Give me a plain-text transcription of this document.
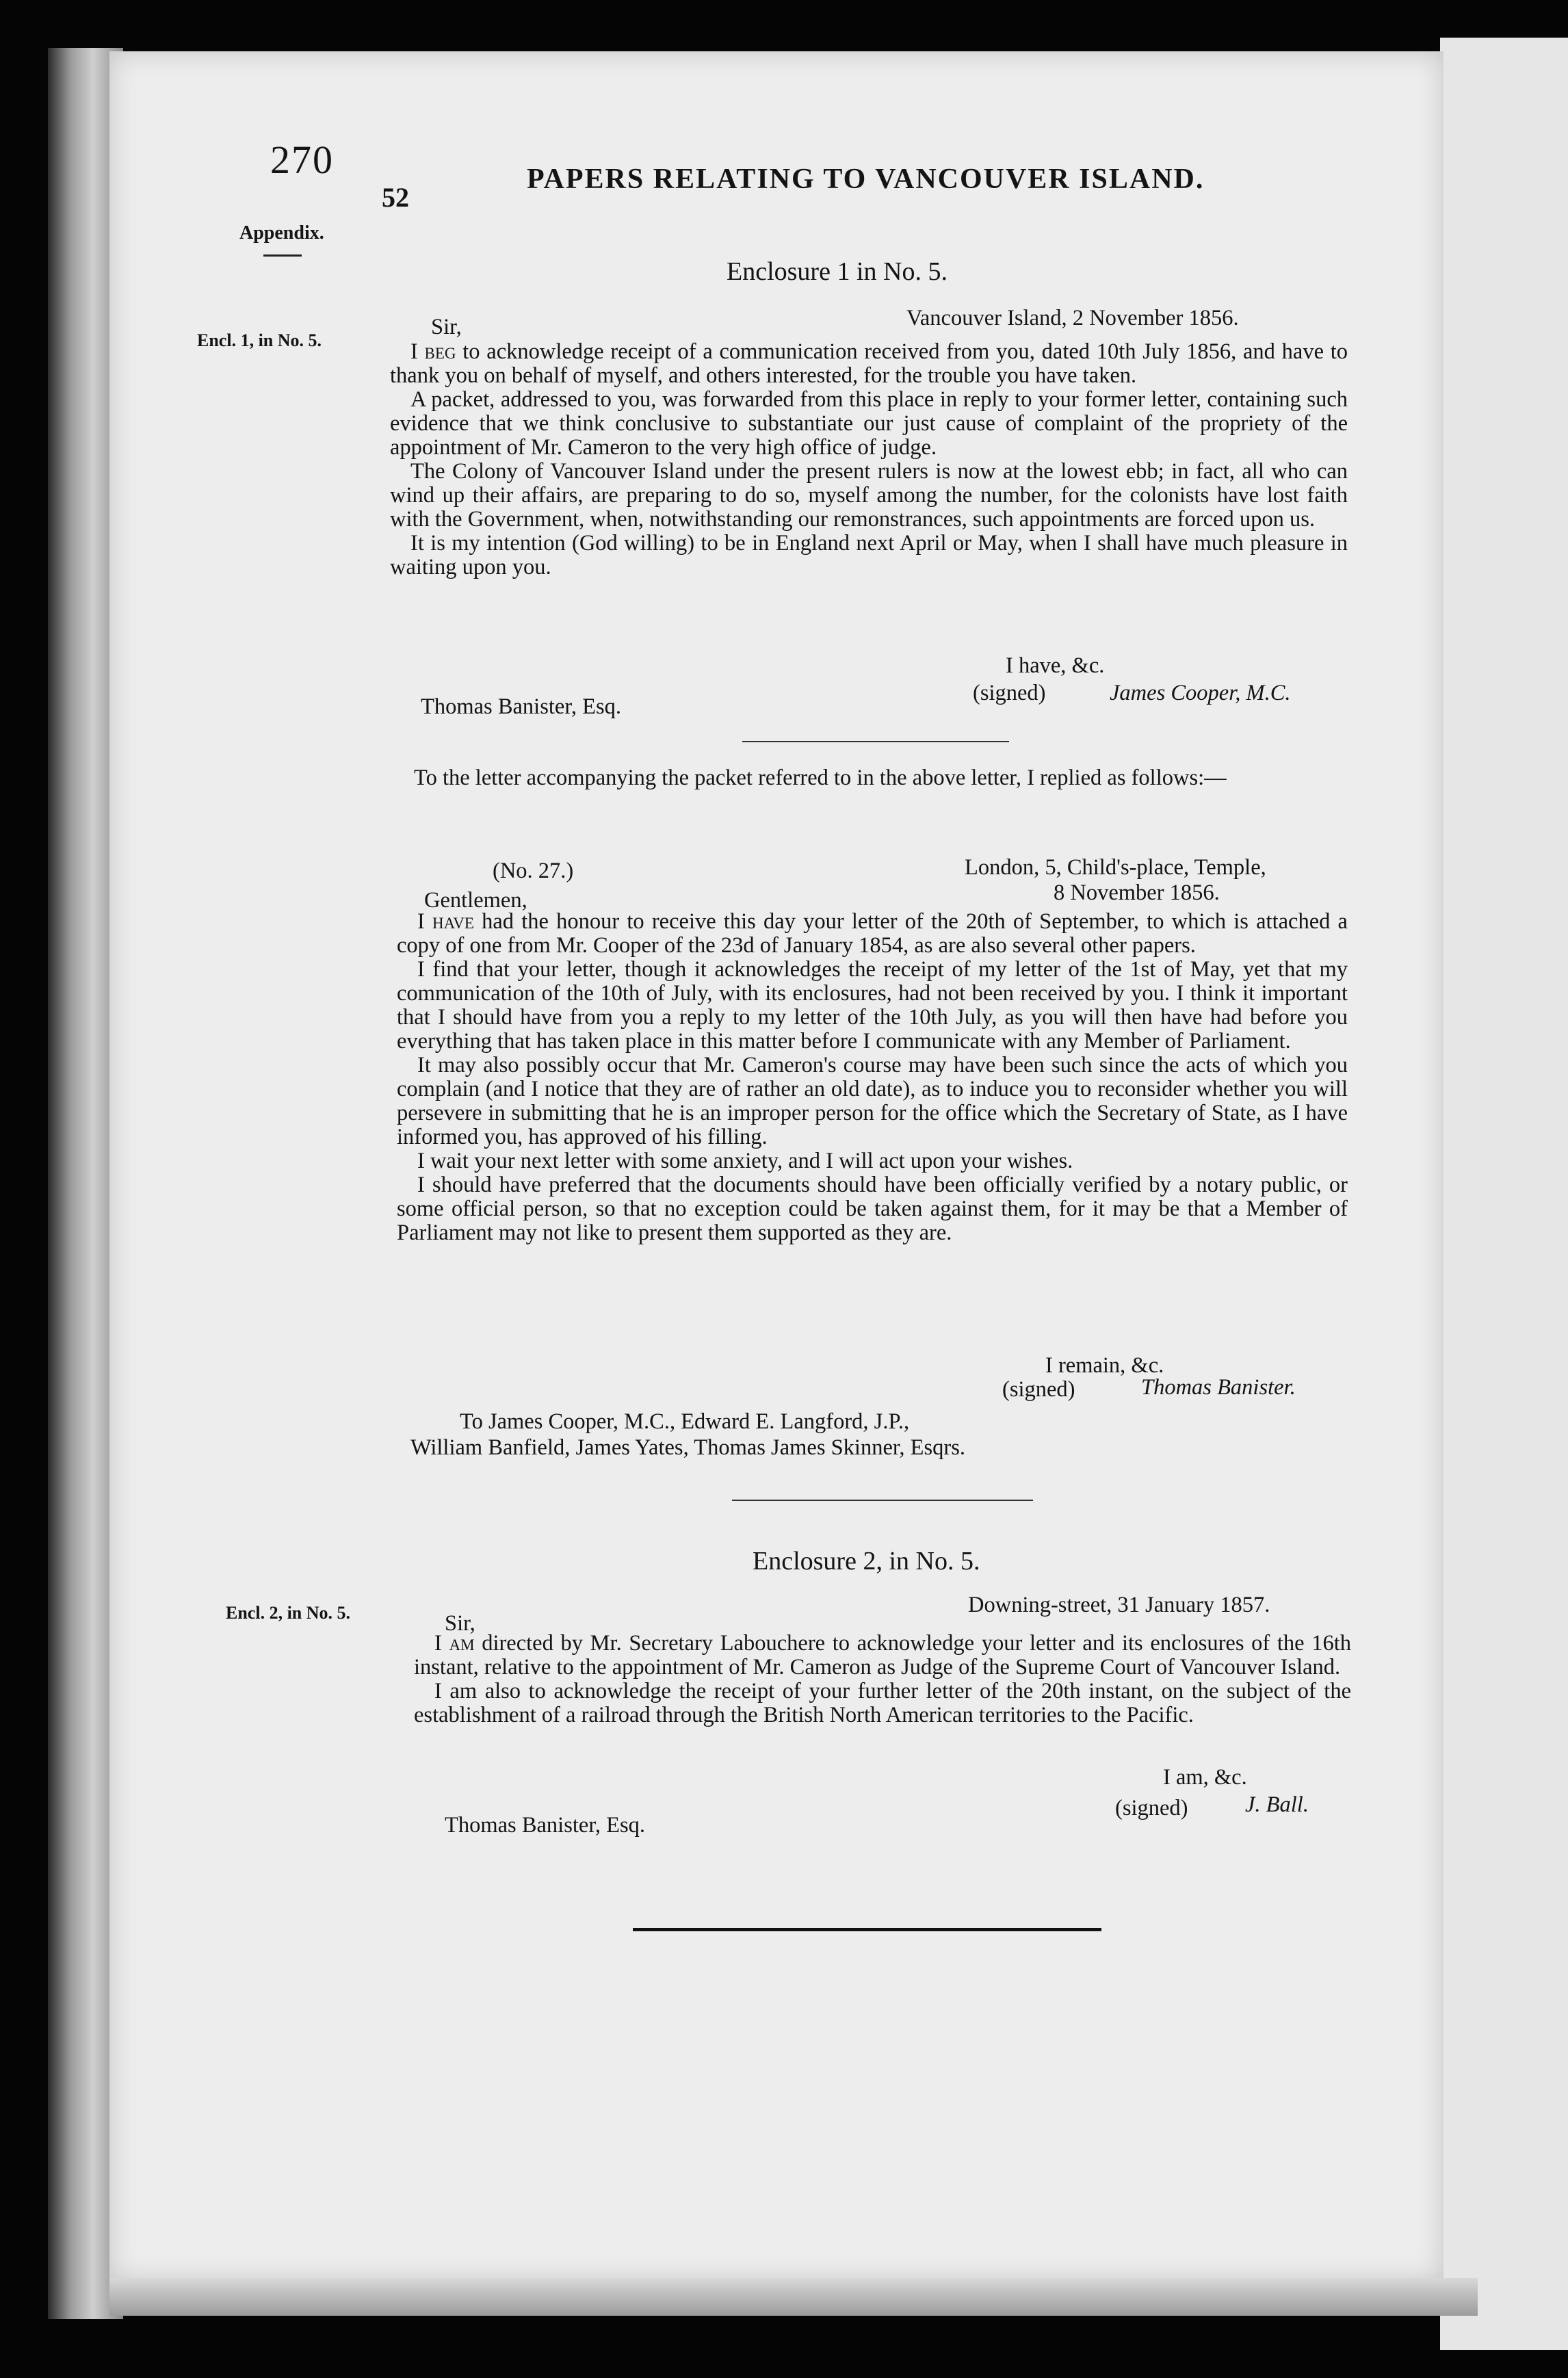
270
52
PAPERS RELATING TO VANCOUVER ISLAND.
Appendix.
Enclosure 1 in No. 5.
Encl. 1, in No. 5.
Sir,	Vancouver Island, 2 November 1856.

I beg to acknowledge receipt of a communication received from you, dated 10th July 1856, and have to thank you on behalf of myself, and others interested, for the trouble you have taken.

A packet, addressed to you, was forwarded from this place in reply to your former letter, containing such evidence that we think conclusive to substantiate our just cause of complaint of the propriety of the appointment of Mr. Cameron to the very high office of judge.

The Colony of Vancouver Island under the present rulers is now at the lowest ebb; in fact, all who can wind up their affairs, are preparing to do so, myself among the number, for the colonists have lost faith with the Government, when, notwithstanding our remonstrances, such appointments are forced upon us.

It is my intention (God willing) to be in England next April or May, when I shall have much pleasure in waiting upon you.

I have, &c.
(signed)	James Cooper, M.C.
Thomas Banister, Esq.

To the letter accompanying the packet referred to in the above letter, I replied as follows:—

(No. 27.)	London, 5, Child's-place, Temple,
8 November 1856.
Gentlemen,

I have had the honour to receive this day your letter of the 20th of September, to which is attached a copy of one from Mr. Cooper of the 23d of January 1854, as are also several other papers.

I find that your letter, though it acknowledges the receipt of my letter of the 1st of May, yet that my communication of the 10th of July, with its enclosures, had not been received by you. I think it important that I should have from you a reply to my letter of the 10th July, as you will then have had before you everything that has taken place in this matter before I communicate with any Member of Parliament.

It may also possibly occur that Mr. Cameron's course may have been such since the acts of which you complain (and I notice that they are of rather an old date), as to induce you to reconsider whether you will persevere in submitting that he is an improper person for the office which the Secretary of State, as I have informed you, has approved of his filling.

I wait your next letter with some anxiety, and I will act upon your wishes.

I should have preferred that the documents should have been officially verified by a notary public, or some official person, so that no exception could be taken against them, for it may be that a Member of Parliament may not like to present them supported as they are.

I remain, &c.
(signed)	Thomas Banister.
To James Cooper, M.C., Edward E. Langford, J.P.,
William Banfield, James Yates, Thomas James Skinner, Esqrs.
Enclosure 2, in No. 5.
Encl. 2, in No. 5.	Sir,
Downing-street, 31 January 1857.

I am directed by Mr. Secretary Labouchere to acknowledge your letter and its enclosures of the 16th instant, relative to the appointment of Mr. Cameron as Judge of the Supreme Court of Vancouver Island.

I am also to acknowledge the receipt of your further letter of the 20th instant, on the subject of the establishment of a railroad through the British North American territories to the Pacific.

I am, &c.
(signed)	J. Ball.
Thomas Banister, Esq.
